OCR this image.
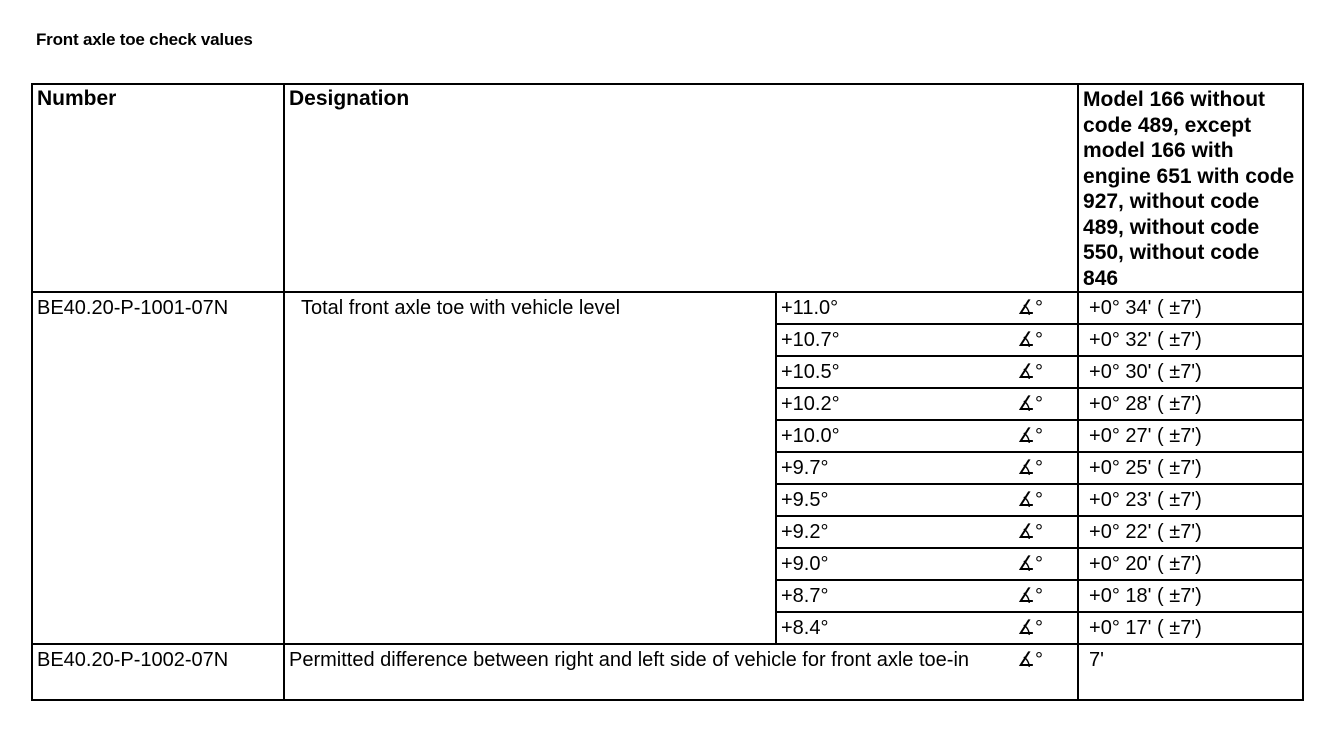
Front axle toe check values
Number	Designation			Model 166 without code 489, except model 166 with engine 651 with code 927, without code 489, without code 550, without code 846
BE40.20-P-1001-07N	Total front axle toe with vehicle level	+11.0°	∡°	+0° 34' ( ±7')
		+10.7°	∡°	+0° 32' ( ±7')
		+10.5°	∡°	+0° 30' ( ±7')
		+10.2°	∡°	+0° 28' ( ±7')
		+10.0°	∡°	+0° 27' ( ±7')
		+9.7°	∡°	+0° 25' ( ±7')
		+9.5°	∡°	+0° 23' ( ±7')
		+9.2°	∡°	+0° 22' ( ±7')
		+9.0°	∡°	+0° 20' ( ±7')
		+8.7°	∡°	+0° 18' ( ±7')
		+8.4°	∡°	+0° 17' ( ±7')
BE40.20-P-1002-07N	Permitted difference between right and left side of vehicle for front axle toe-in		∡°	7'
